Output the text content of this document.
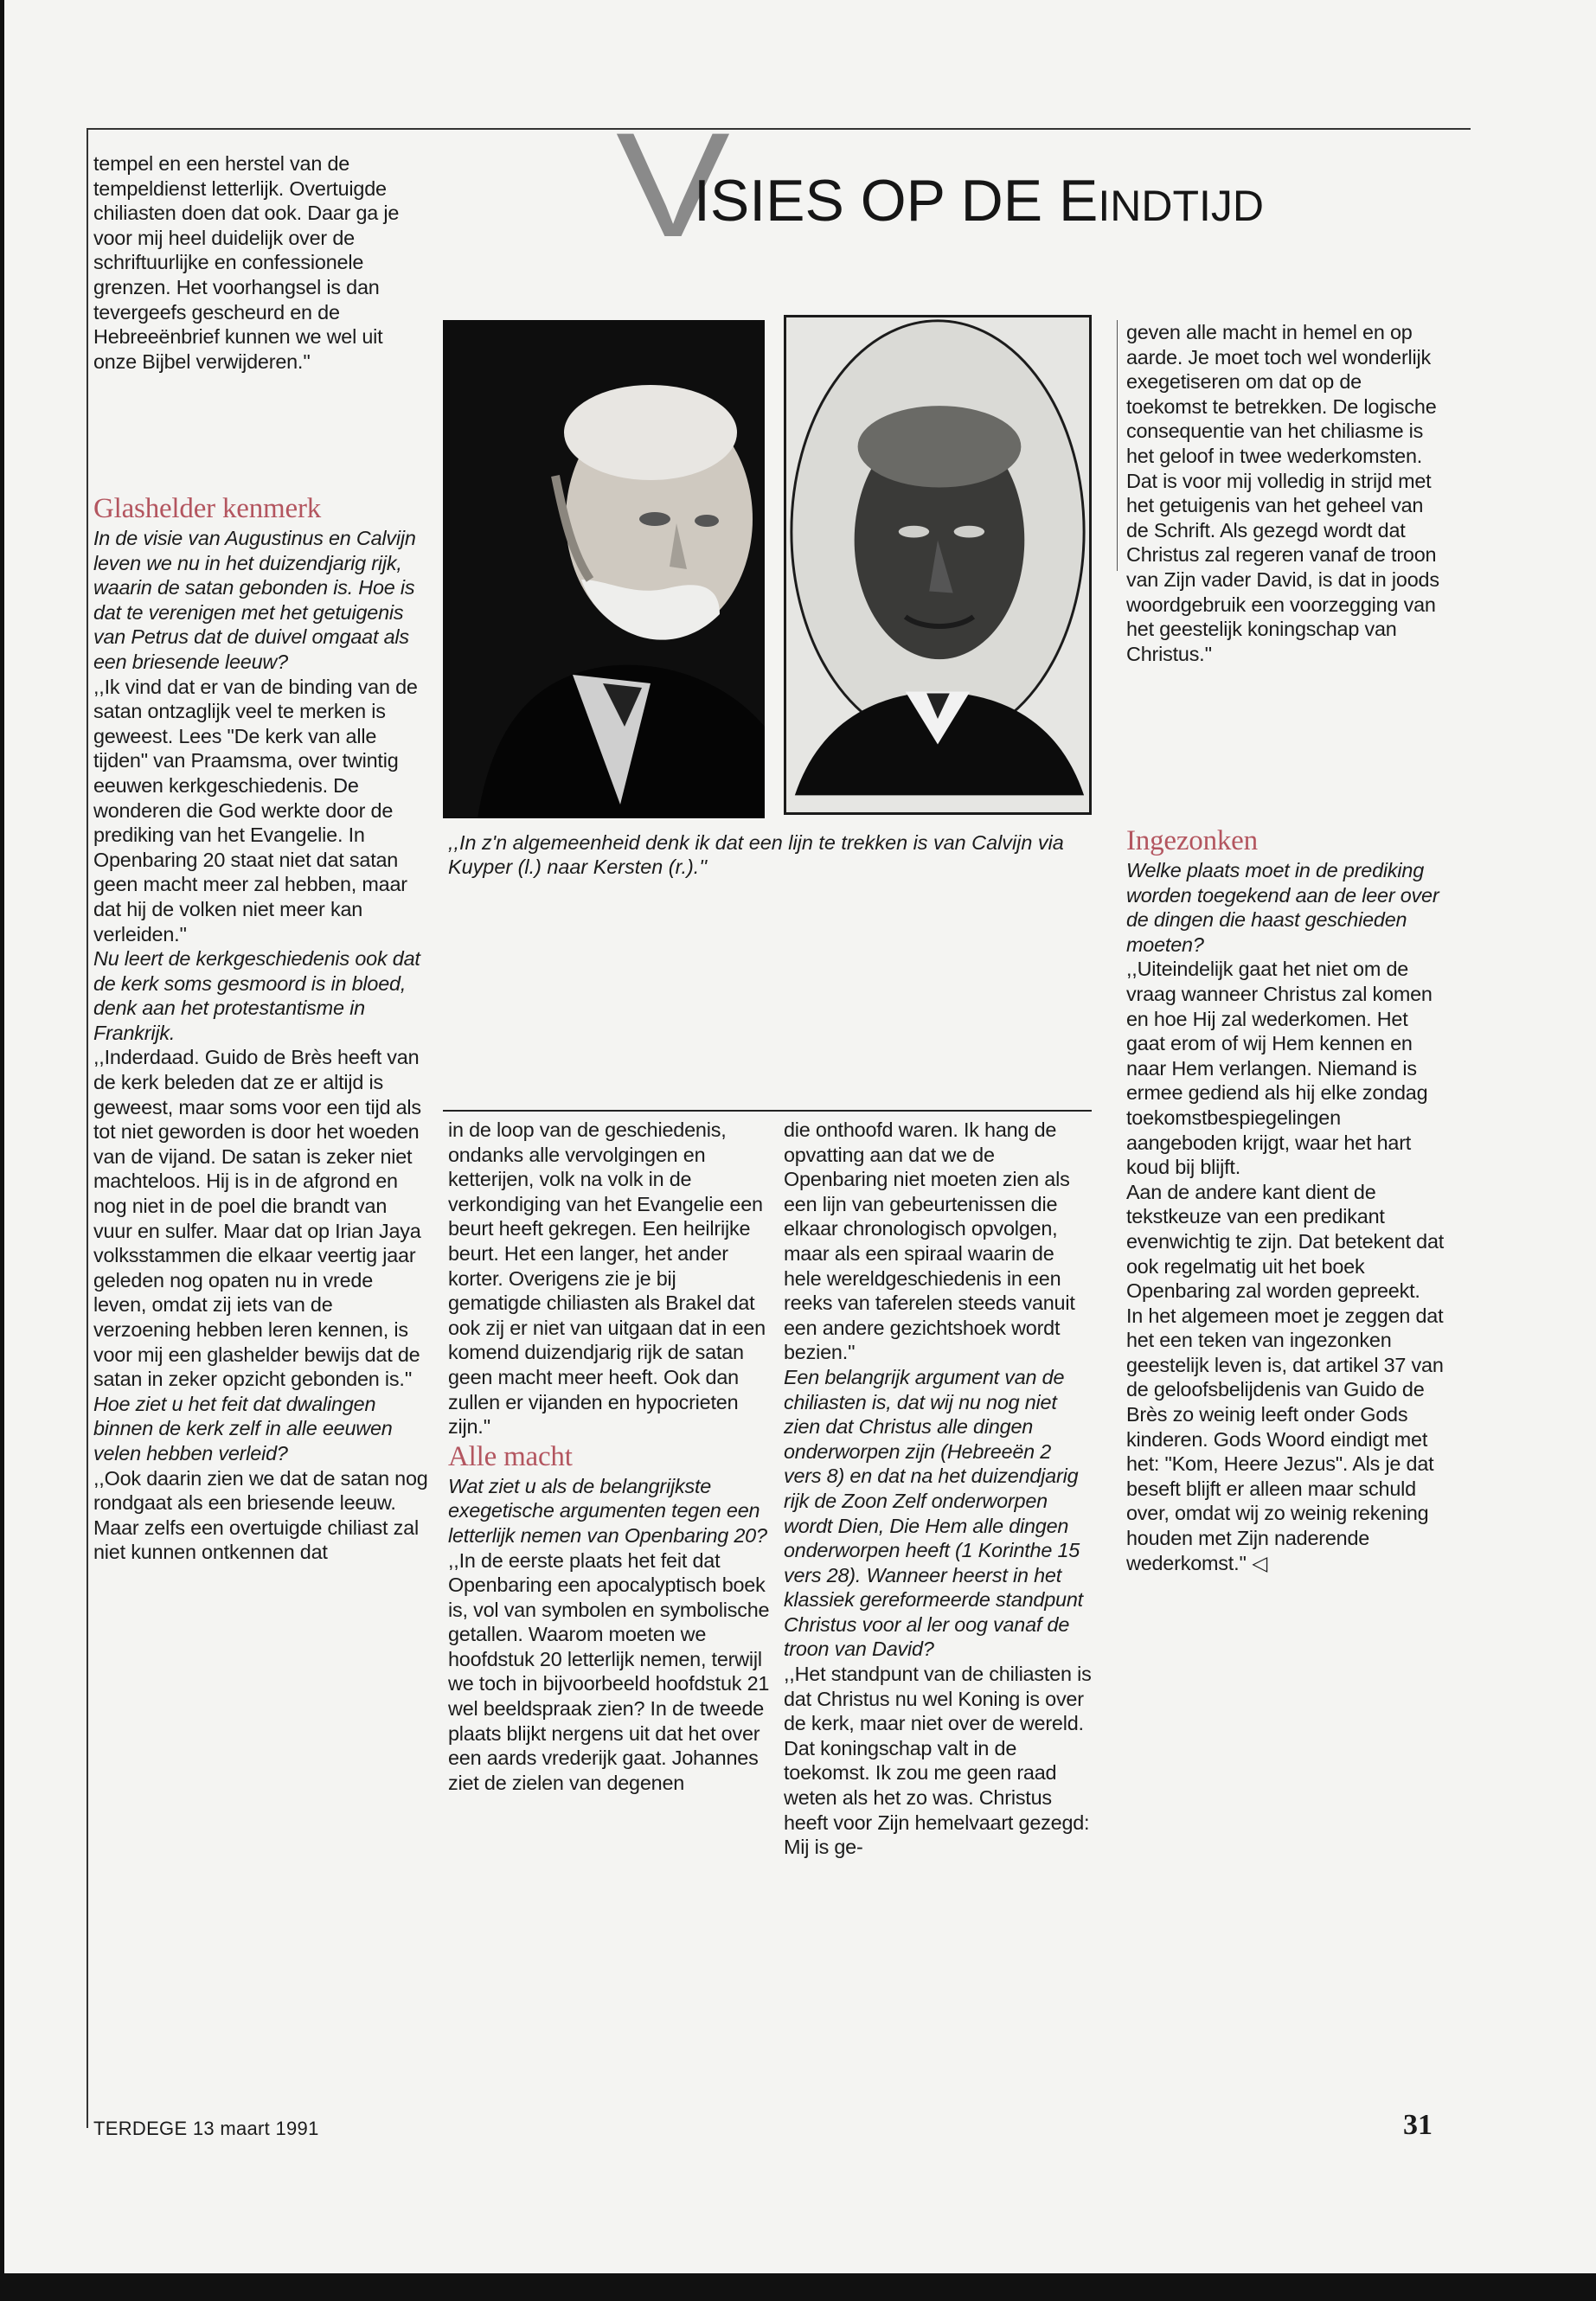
tempel en een herstel van de tempeldienst letterlijk. Overtuigde chiliasten doen dat ook. Daar ga je voor mij heel duidelijk over de schriftuurlijke en confessionele grenzen. Het voorhangsel is dan tevergeefs gescheurd en de Hebreeënbrief kunnen we wel uit onze Bijbel verwijderen.''

Glashelder kenmerk

In de visie van Augustinus en Calvijn leven we nu in het duizendjarig rijk, waarin de satan gebonden is. Hoe is dat te verenigen met het getuigenis van Petrus dat de duivel omgaat als een briesende leeuw?

,,Ik vind dat er van de binding van de satan ontzaglijk veel te merken is geweest. Lees "De kerk van alle tijden" van Praamsma, over twintig eeuwen kerkgeschiedenis. De wonderen die God werkte door de prediking van het Evangelie. In Openbaring 20 staat niet dat satan geen macht meer zal hebben, maar dat hij de volken niet meer kan verleiden.''

Nu leert de kerkgeschiedenis ook dat de kerk soms gesmoord is in bloed, denk aan het protestantisme in Frankrijk.

,,Inderdaad. Guido de Brès heeft van de kerk beleden dat ze er altijd is geweest, maar soms voor een tijd als tot niet geworden is door het woeden van de vijand. De satan is zeker niet machteloos. Hij is in de afgrond en nog niet in de poel die brandt van vuur en sulfer. Maar dat op Irian Jaya volksstammen die elkaar veertig jaar geleden nog opaten nu in vrede leven, omdat zij iets van de verzoening hebben leren kennen, is voor mij een glashelder bewijs dat de satan in zeker opzicht gebonden is.''

Hoe ziet u het feit dat dwalingen binnen de kerk zelf in alle eeuwen velen hebben verleid?

,,Ook daarin zien we dat de satan nog rondgaat als een briesende leeuw. Maar zelfs een overtuigde chiliast zal niet kunnen ontkennen dat

V
ISIES OP DE EINDTIJD
,,In z'n algemeenheid denk ik dat een lijn te trekken is van Calvijn via Kuyper (l.) naar Kersten (r.).''

geven alle macht in hemel en op aarde. Je moet toch wel wonderlijk exegetiseren om dat op de toekomst te betrekken. De logische consequentie van het chiliasme is het geloof in twee wederkomsten. Dat is voor mij volledig in strijd met het getuigenis van het geheel van de Schrift. Als gezegd wordt dat Christus zal regeren vanaf de troon van Zijn vader David, is dat in joods woordgebruik een voorzegging van het geestelijk koningschap van Christus.''

Ingezonken

Welke plaats moet in de prediking worden toegekend aan de leer over de dingen die haast geschieden moeten?

,,Uiteindelijk gaat het niet om de vraag wanneer Christus zal komen en hoe Hij zal wederkomen. Het gaat erom of wij Hem kennen en naar Hem verlangen. Niemand is ermee gediend als hij elke zondag toekomstbespiegelingen aangeboden krijgt, waar het hart koud bij blijft.

Aan de andere kant dient de tekstkeuze van een predikant evenwichtig te zijn. Dat betekent dat ook regelmatig uit het boek Openbaring zal worden gepreekt.

In het algemeen moet je zeggen dat het een teken van ingezonken geestelijk leven is, dat artikel 37 van de geloofsbelijdenis van Guido de Brès zo weinig leeft onder Gods kinderen. Gods Woord eindigt met het: "Kom, Heere Jezus". Als je dat beseft blijft er alleen maar schuld over, omdat wij zo weinig rekening houden met Zijn naderende wederkomst.'' ◁

in de loop van de geschiedenis, ondanks alle vervolgingen en ketterijen, volk na volk in de verkondiging van het Evangelie een beurt heeft gekregen. Een heilrijke beurt. Het een langer, het ander korter. Overigens zie je bij gematigde chiliasten als Brakel dat ook zij er niet van uitgaan dat in een komend duizendjarig rijk de satan geen macht meer heeft. Ook dan zullen er vijanden en hypocrieten zijn.''

Alle macht

Wat ziet u als de belangrijkste exegetische argumenten tegen een letterlijk nemen van Openbaring 20?

,,In de eerste plaats het feit dat Openbaring een apocalyptisch boek is, vol van symbolen en symbolische getallen. Waarom moeten we hoofdstuk 20 letterlijk nemen, terwijl we toch in bijvoorbeeld hoofdstuk 21 wel beeldspraak zien? In de tweede plaats blijkt nergens uit dat het over een aards vrederijk gaat. Johannes ziet de zielen van degenen

die onthoofd waren. Ik hang de opvatting aan dat we de Openbaring niet moeten zien als een lijn van gebeurtenissen die elkaar chronologisch opvolgen, maar als een spiraal waarin de hele wereldgeschiedenis in een reeks van taferelen steeds vanuit een andere gezichtshoek wordt bezien.''

Een belangrijk argument van de chiliasten is, dat wij nu nog niet zien dat Christus alle dingen onderworpen zijn (Hebreeën 2 vers 8) en dat na het duizendjarig rijk de Zoon Zelf onderworpen wordt Dien, Die Hem alle dingen onderworpen heeft (1 Korinthe 15 vers 28). Wanneer heerst in het klassiek gereformeerde standpunt Christus voor al ler oog vanaf de troon van David?

,,Het standpunt van de chiliasten is dat Christus nu wel Koning is over de kerk, maar niet over de wereld. Dat koningschap valt in de toekomst. Ik zou me geen raad weten als het zo was. Christus heeft voor Zijn hemelvaart gezegd: Mij is ge-

TERDEGE 13 maart 1991	31
